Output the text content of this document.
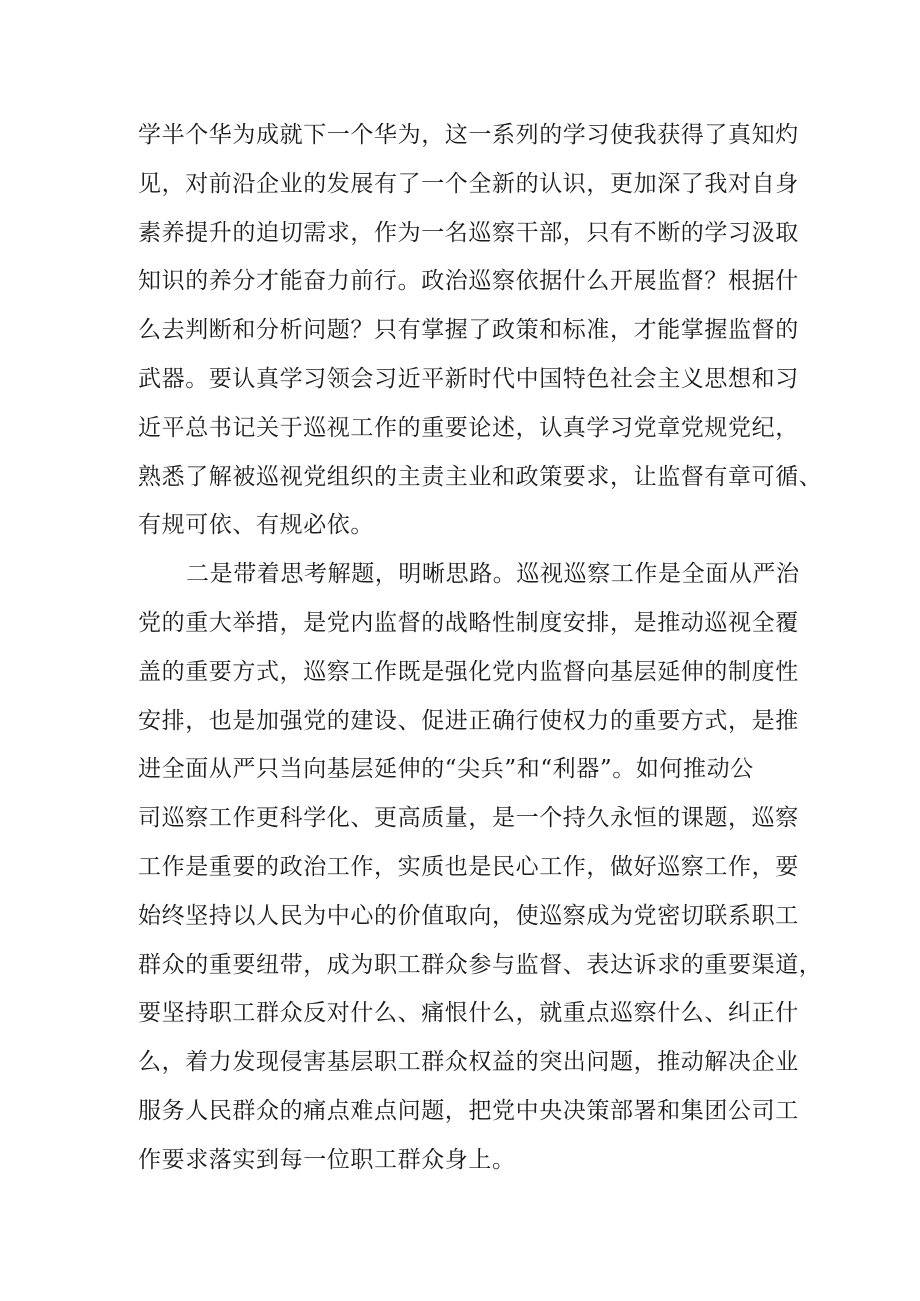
学半个华为成就下一个华为，这一系列的学习使我获得了真知灼
见，对前沿企业的发展有了一个全新的认识，更加深了我对自身
素养提升的迫切需求，作为一名巡察干部，只有不断的学习汲取
知识的养分才能奋力前行。政治巡察依据什么开展监督？根据什
么去判断和分析问题？只有掌握了政策和标准，才能掌握监督的
武器。要认真学习领会习近平新时代中国特色社会主义思想和习
近平总书记关于巡视工作的重要论述，认真学习党章党规党纪，
熟悉了解被巡视党组织的主责主业和政策要求，让监督有章可循、
有规可依、有规必依。
二是带着思考解题，明晰思路。巡视巡察工作是全面从严治
党的重大举措，是党内监督的战略性制度安排，是推动巡视全覆
盖的重要方式，巡察工作既是强化党内监督向基层延伸的制度性
安排，也是加强党的建设、促进正确行使权力的重要方式，是推
进全面从严只当向基层延伸的“尖兵”和“利器”。如何推动公
司巡察工作更科学化、更高质量，是一个持久永恒的课题，巡察
工作是重要的政治工作，实质也是民心工作，做好巡察工作，要
始终坚持以人民为中心的价值取向，使巡察成为党密切联系职工
群众的重要纽带，成为职工群众参与监督、表达诉求的重要渠道，
要坚持职工群众反对什么、痛恨什么，就重点巡察什么、纠正什
么，着力发现侵害基层职工群众权益的突出问题，推动解决企业
服务人民群众的痛点难点问题，把党中央决策部署和集团公司工
作要求落实到每一位职工群众身上。
